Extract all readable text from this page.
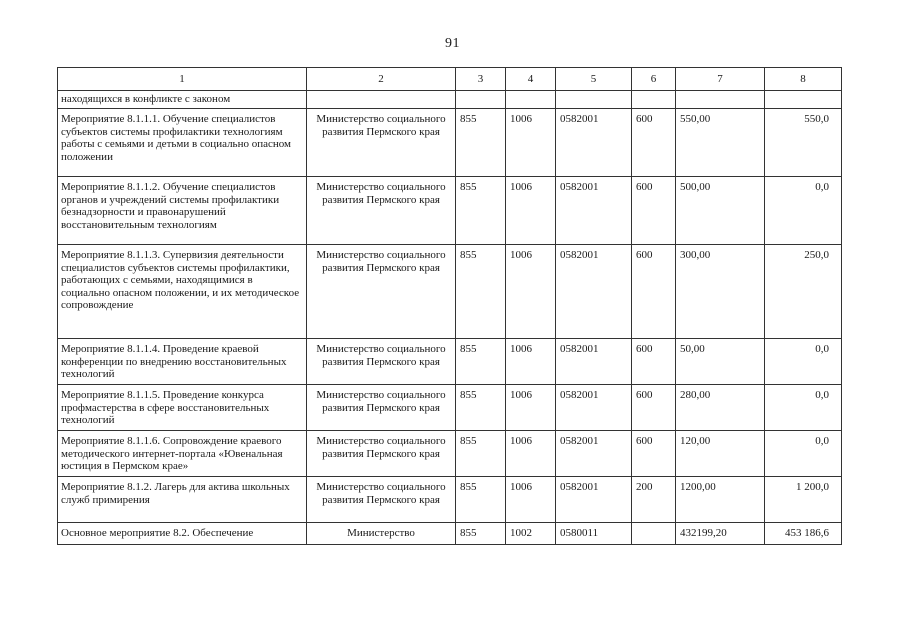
91
1	2	3	4	5	6	7	8
находящихся в конфликте с законом							
Мероприятие 8.1.1.1. Обучение специалистов субъектов системы профилактики технологиям работы с семьями и детьми в социально опасном положении	Министерство социального развития Пермского края	855	1006	0582001	600	550,00	550,0
Мероприятие 8.1.1.2. Обучение специалистов органов и учреждений системы профилактики безнадзорности и правонарушений восстановительным технологиям	Министерство социального развития Пермского края	855	1006	0582001	600	500,00	0,0
Мероприятие 8.1.1.3. Супервизия деятельности специалистов субъектов системы профилактики, работающих с семьями, находящимися в социально опасном положении, и их методическое сопровождение	Министерство социального развития Пермского края	855	1006	0582001	600	300,00	250,0
Мероприятие 8.1.1.4. Проведение краевой конференции по внедрению восстановительных технологий	Министерство социального развития Пермского края	855	1006	0582001	600	50,00	0,0
Мероприятие 8.1.1.5. Проведение конкурса профмастерства в сфере восстановительных технологий	Министерство социального развития Пермского края	855	1006	0582001	600	280,00	0,0
Мероприятие 8.1.1.6. Сопровождение краевого методического интернет-портала «Ювенальная юстиция в Пермском крае»	Министерство социального развития Пермского края	855	1006	0582001	600	120,00	0,0
Мероприятие 8.1.2. Лагерь для актива школьных служб примирения	Министерство социального развития Пермского края	855	1006	0582001	200	1200,00	1 200,0
Основное мероприятие 8.2. Обеспечение	Министерство	855	1002	0580011		432199,20	453 186,6
